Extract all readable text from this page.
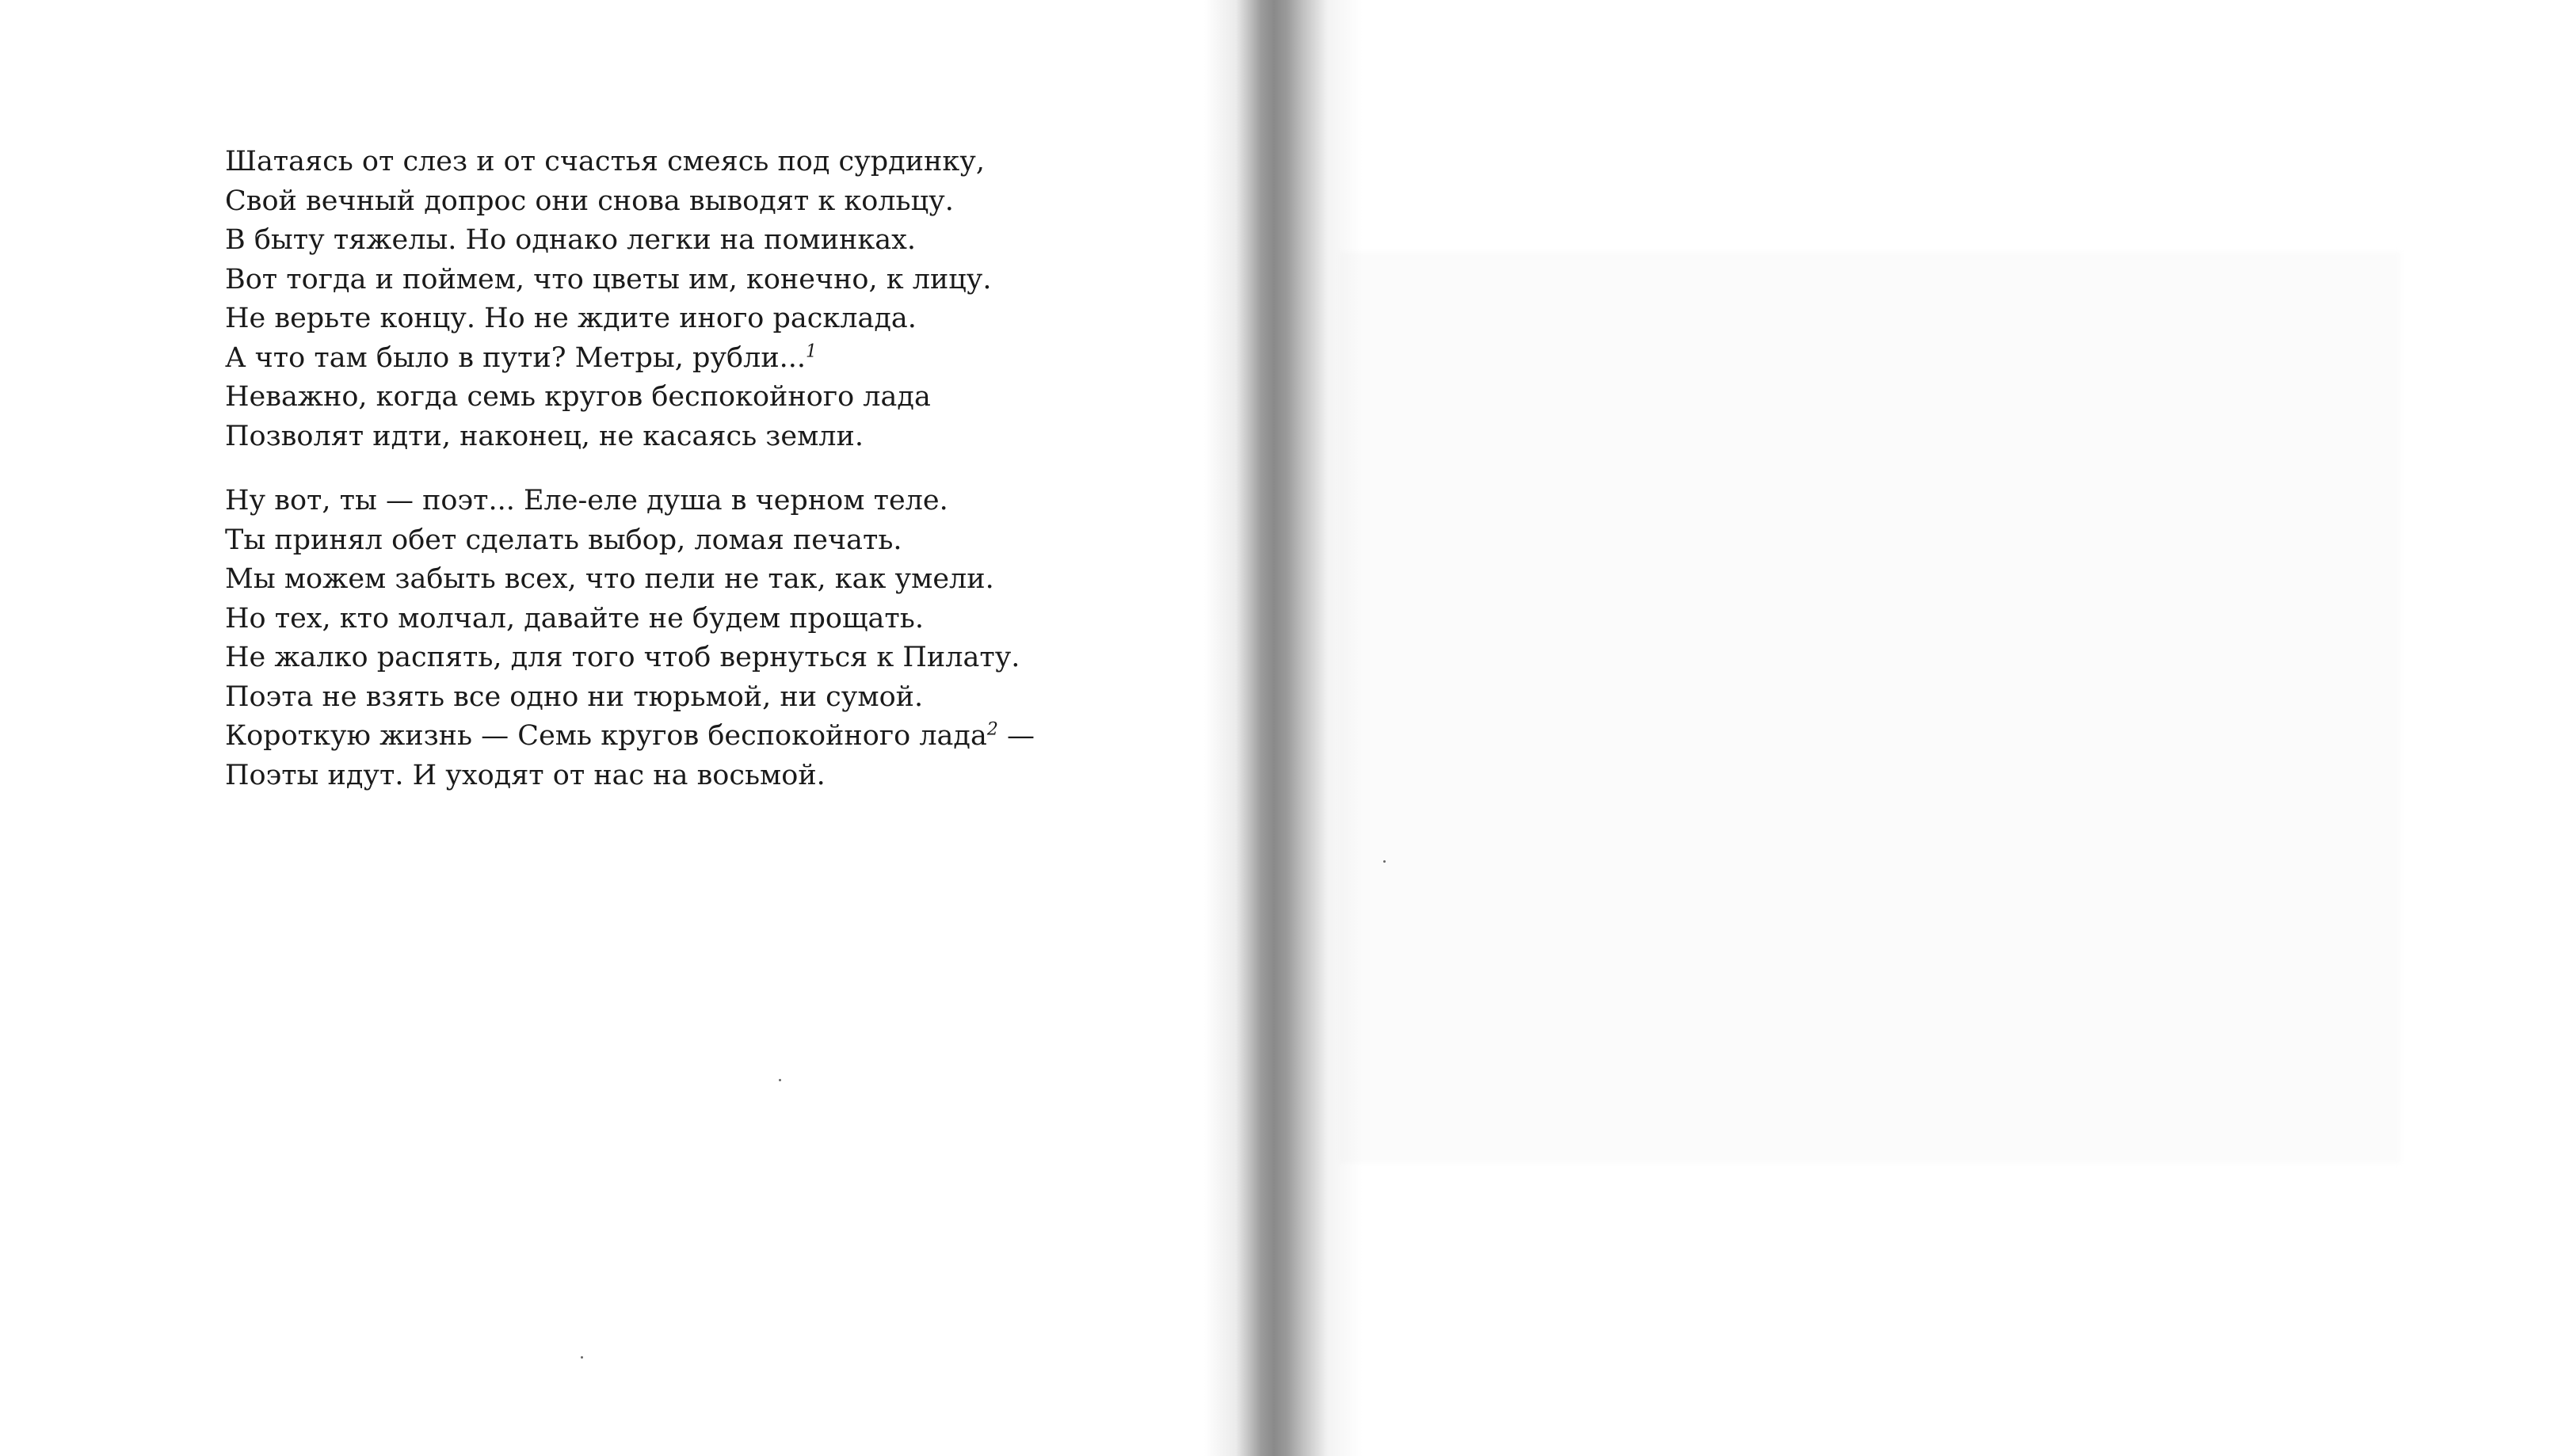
Шатаясь от слез и от счастья смеясь под сурдинку,
Свой вечный допрос они снова выводят к кольцу.
В быту тяжелы. Но однако легки на поминках.
Вот тогда и поймем, что цветы им, конечно, к лицу.
Не верьте концу. Но не ждите иного расклада.
А что там было в пути? Метры, рубли...$^1$
Неважно, когда семь кругов беспокойного лада
Позволят идти, наконец, не касаясь земли.
Ну вот, ты — поэт... Еле-еле душа в черном теле.
Ты принял обет сделать выбор, ломая печать.
Мы можем забыть всех, что пели не так, как умели.
Но тех, кто молчал, давайте не будем прощать.
Не жалко распять, для того чтоб вернуться к Пилату.
Поэта не взять все одно ни тюрьмой, ни сумой.
Короткую жизнь — Семь кругов беспокойного лада$^2$ —
Поэты идут. И уходят от нас на восьмой.
